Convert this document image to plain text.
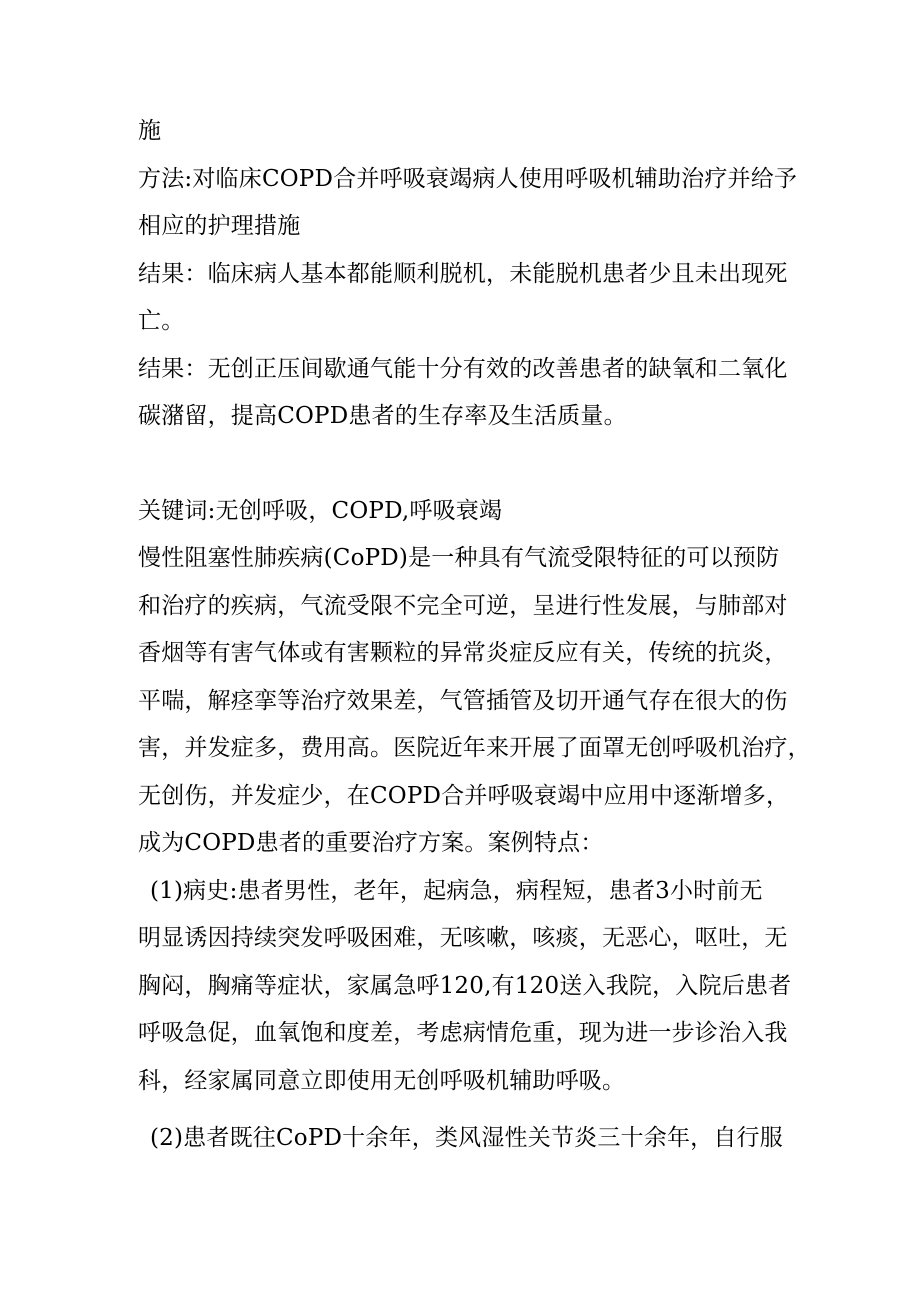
施
方法:对临床COPD合并呼吸衰竭病人使用呼吸机辅助治疗并给予
相应的护理措施
结果：临床病人基本都能顺利脱机，未能脱机患者少且未出现死
亡。
结果：无创正压间歇通气能十分有效的改善患者的缺氧和二氧化
碳潴留，提高COPD患者的生存率及生活质量。
关键词:无创呼吸，COPD,呼吸衰竭
慢性阻塞性肺疾病(CoPD)是一种具有气流受限特征的可以预防
和治疗的疾病，气流受限不完全可逆，呈进行性发展，与肺部对
香烟等有害气体或有害颗粒的异常炎症反应有关，传统的抗炎，
平喘，解痉挛等治疗效果差，气管插管及切开通气存在很大的伤
害，并发症多，费用高。医院近年来开展了面罩无创呼吸机治疗，
无创伤，并发症少，在COPD合并呼吸衰竭中应用中逐渐增多，
成为COPD患者的重要治疗方案。案例特点：
(1)病史:患者男性，老年，起病急，病程短，患者3小时前无
明显诱因持续突发呼吸困难，无咳嗽，咳痰，无恶心，呕吐，无
胸闷，胸痛等症状，家属急呼120,有120送入我院，入院后患者
呼吸急促，血氧饱和度差，考虑病情危重，现为进一步诊治入我
科，经家属同意立即使用无创呼吸机辅助呼吸。
(2)患者既往CoPD十余年，类风湿性关节炎三十余年，自行服
